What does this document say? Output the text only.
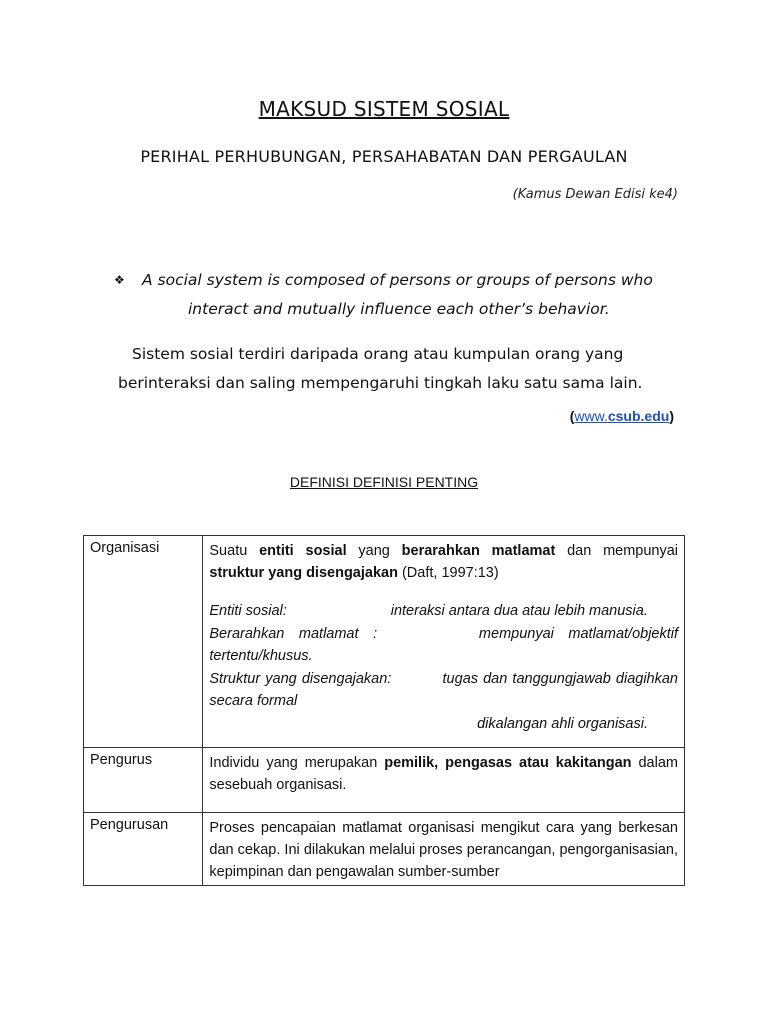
MAKSUD SISTEM SOSIAL
PERIHAL PERHUBUNGAN, PERSAHABATAN DAN PERGAULAN
(Kamus Dewan Edisi ke4)
❖ A social system is composed of persons or groups of persons who
interact and mutually influence each other’s behavior.
Sistem sosial terdiri daripada orang atau kumpulan orang yang
berinteraksi dan saling mempengaruhi tingkah laku satu sama lain.
(www.csub.edu)
DEFINISI DEFINISI PENTING
Organisasi	Suatu entiti sosial yang berarahkan matlamat dan mempunyai struktur yang disengajakan (Daft, 1997:13)
Entiti sosial: interaksi antara dua atau lebih manusia.
Berarahkan matlamat : mempunyai matlamat/objektif tertentu/khusus.
Struktur yang disengajakan: tugas dan tanggungjawab diagihkan secara formal
dikalangan ahli organisasi.

Pengurus	Individu yang merupakan pemilik, pengasas atau kakitangan dalam sesebuah organisasi.

Pengurusan	Proses pencapaian matlamat organisasi mengikut cara yang berkesan dan cekap. Ini dilakukan melalui proses perancangan, pengorganisasian, kepimpinan dan pengawalan sumber-sumber
